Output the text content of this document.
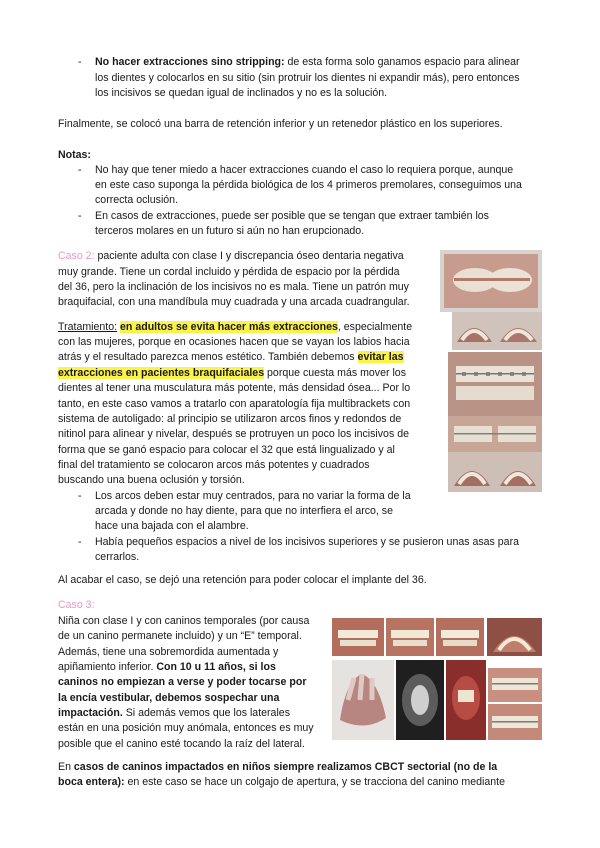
- No hacer extracciones sino stripping: de esta forma solo ganamos espacio para alinear

los dientes y colocarlos en su sitio (sin protruir los dientes ni expandir más), pero entonces

los incisivos se quedan igual de inclinados y no es la solución.

Finalmente, se colocó una barra de retención inferior y un retenedor plástico en los superiores.

Notas:

- No hay que tener miedo a hacer extracciones cuando el caso lo requiera porque, aunque

en este caso suponga la pérdida biológica de los 4 primeros premolares, conseguimos una

correcta oclusión.

- En casos de extracciones, puede ser posible que se tengan que extraer también los

terceros molares en un futuro si aún no han erupcionado.

Caso 2: paciente adulta con clase I y discrepancia óseo dentaria negativa

muy grande. Tiene un cordal incluido y pérdida de espacio por la pérdida

del 36, pero la inclinación de los incisivos no es mala. Tiene un patrón muy

braquifacial, con una mandíbula muy cuadrada y una arcada cuadrangular.

Tratamiento: en adultos se evita hacer más extracciones, especialmente

con las mujeres, porque en ocasiones hacen que se vayan los labios hacia

atrás y el resultado parezca menos estético. También debemos evitar las

extracciones en pacientes braquifaciales porque cuesta más mover los

dientes al tener una musculatura más potente, más densidad ósea... Por lo

tanto, en este caso vamos a tratarlo con aparatología fija multibrackets con

sistema de autoligado: al principio se utilizaron arcos finos y redondos de

nitinol para alinear y nivelar, después se protruyen un poco los incisivos de

forma que se ganó espacio para colocar el 32 que está lingualizado y al

final del tratamiento se colocaron arcos más potentes y cuadrados

buscando una buena oclusión y torsión.

- Los arcos deben estar muy centrados, para no variar la forma de la

arcada y donde no hay diente, para que no interfiera el arco, se

hace una bajada con el alambre.

- Había pequeños espacios a nivel de los incisivos superiores y se pusieron unas asas para

cerrarlos.

Al acabar el caso, se dejó una retención para poder colocar el implante del 36.

Caso 3:

Niña con clase I y con caninos temporales (por causa

de un canino permanete incluido) y un “E” temporal.

Además, tiene una sobremordida aumentada y

apiñamiento inferior. Con 10 u 11 años, si los

caninos no empiezan a verse y poder tocarse por

la encía vestibular, debemos sospechar una

impactación. Si además vemos que los laterales

están en una posición muy anómala, entonces es muy

posible que el canino esté tocando la raíz del lateral.

En casos de caninos impactados en niños siempre realizamos CBCT sectorial (no de la

boca entera): en este caso se hace un colgajo de apertura, y se tracciona del canino mediante
